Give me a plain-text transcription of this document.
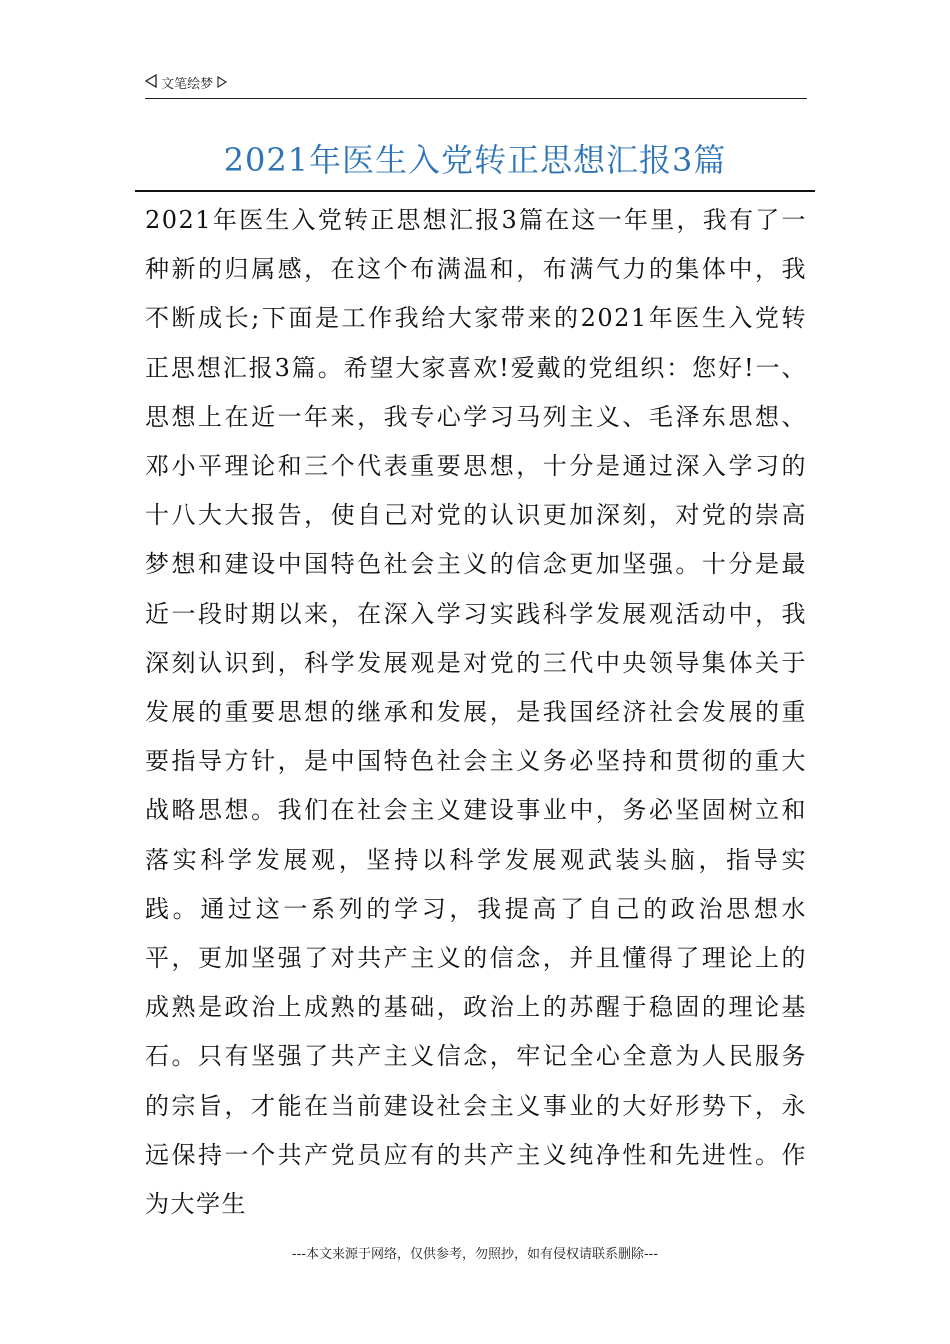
文笔绘梦
2021年医生入党转正思想汇报3篇

2021年医生入党转正思想汇报3篇在这一年里，我有了一种新的归属感，在这个布满温和，布满气力的集体中，我不断成长;下面是工作我给大家带来的2021年医生入党转正思想汇报3篇。希望大家喜欢!爱戴的党组织：您好!一、思想上在近一年来，我专心学习马列主义、毛泽东思想、邓小平理论和三个代表重要思想，十分是通过深入学习的十八大大报告，使自己对党的认识更加深刻，对党的崇高梦想和建设中国特色社会主义的信念更加坚强。十分是最近一段时期以来，在深入学习实践科学发展观活动中，我深刻认识到，科学发展观是对党的三代中央领导集体关于发展的重要思想的继承和发展，是我国经济社会发展的重要指导方针，是中国特色社会主义务必坚持和贯彻的重大战略思想。我们在社会主义建设事业中，务必坚固树立和落实科学发展观，坚持以科学发展观武装头脑，指导实践。通过这一系列的学习，我提高了自己的政治思想水平，更加坚强了对共产主义的信念，并且懂得了理论上的成熟是政治上成熟的基础，政治上的苏醒于稳固的理论基石。只有坚强了共产主义信念，牢记全心全意为人民服务的宗旨，才能在当前建设社会主义事业的大好形势下，永远保持一个共产党员应有的共产主义纯净性和先进性。作为大学生

---本文来源于网络，仅供参考，勿照抄，如有侵权请联系删除---
